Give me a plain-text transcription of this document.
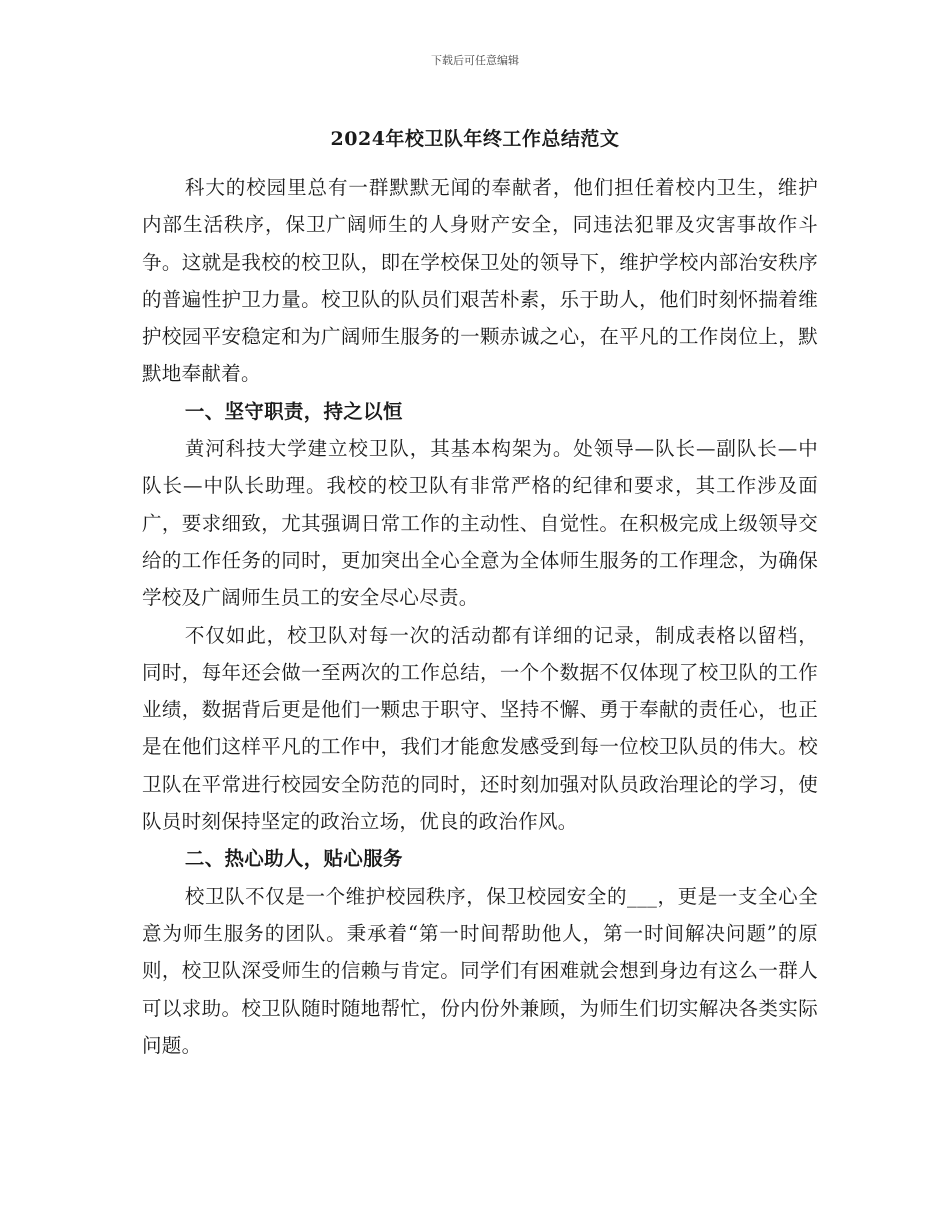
下载后可任意编辑
2024年校卫队年终工作总结范文

科大的校园里总有一群默默无闻的奉献者，他们担任着校内卫生，维护内部生活秩序，保卫广阔师生的人身财产安全，同违法犯罪及灾害事故作斗争。这就是我校的校卫队，即在学校保卫处的领导下，维护学校内部治安秩序的普遍性护卫力量。校卫队的队员们艰苦朴素，乐于助人，他们时刻怀揣着维护校园平安稳定和为广阔师生服务的一颗赤诚之心，在平凡的工作岗位上，默默地奉献着。

一、坚守职责，持之以恒

黄河科技大学建立校卫队，其基本构架为。处领导—队长—副队长—中队长—中队长助理。我校的校卫队有非常严格的纪律和要求，其工作涉及面广，要求细致，尤其强调日常工作的主动性、自觉性。在积极完成上级领导交给的工作任务的同时，更加突出全心全意为全体师生服务的工作理念，为确保学校及广阔师生员工的安全尽心尽责。

不仅如此，校卫队对每一次的活动都有详细的记录，制成表格以留档，同时，每年还会做一至两次的工作总结，一个个数据不仅体现了校卫队的工作业绩，数据背后更是他们一颗忠于职守、坚持不懈、勇于奉献的责任心，也正是在他们这样平凡的工作中，我们才能愈发感受到每一位校卫队员的伟大。校卫队在平常进行校园安全防范的同时，还时刻加强对队员政治理论的学习，使队员时刻保持坚定的政治立场，优良的政治作风。

二、热心助人，贴心服务

校卫队不仅是一个维护校园秩序，保卫校园安全的___，更是一支全心全意为师生服务的团队。秉承着“第一时间帮助他人，第一时间解决问题”的原则，校卫队深受师生的信赖与肯定。同学们有困难就会想到身边有这么一群人可以求助。校卫队随时随地帮忙，份内份外兼顾，为师生们切实解决各类实际问题。
